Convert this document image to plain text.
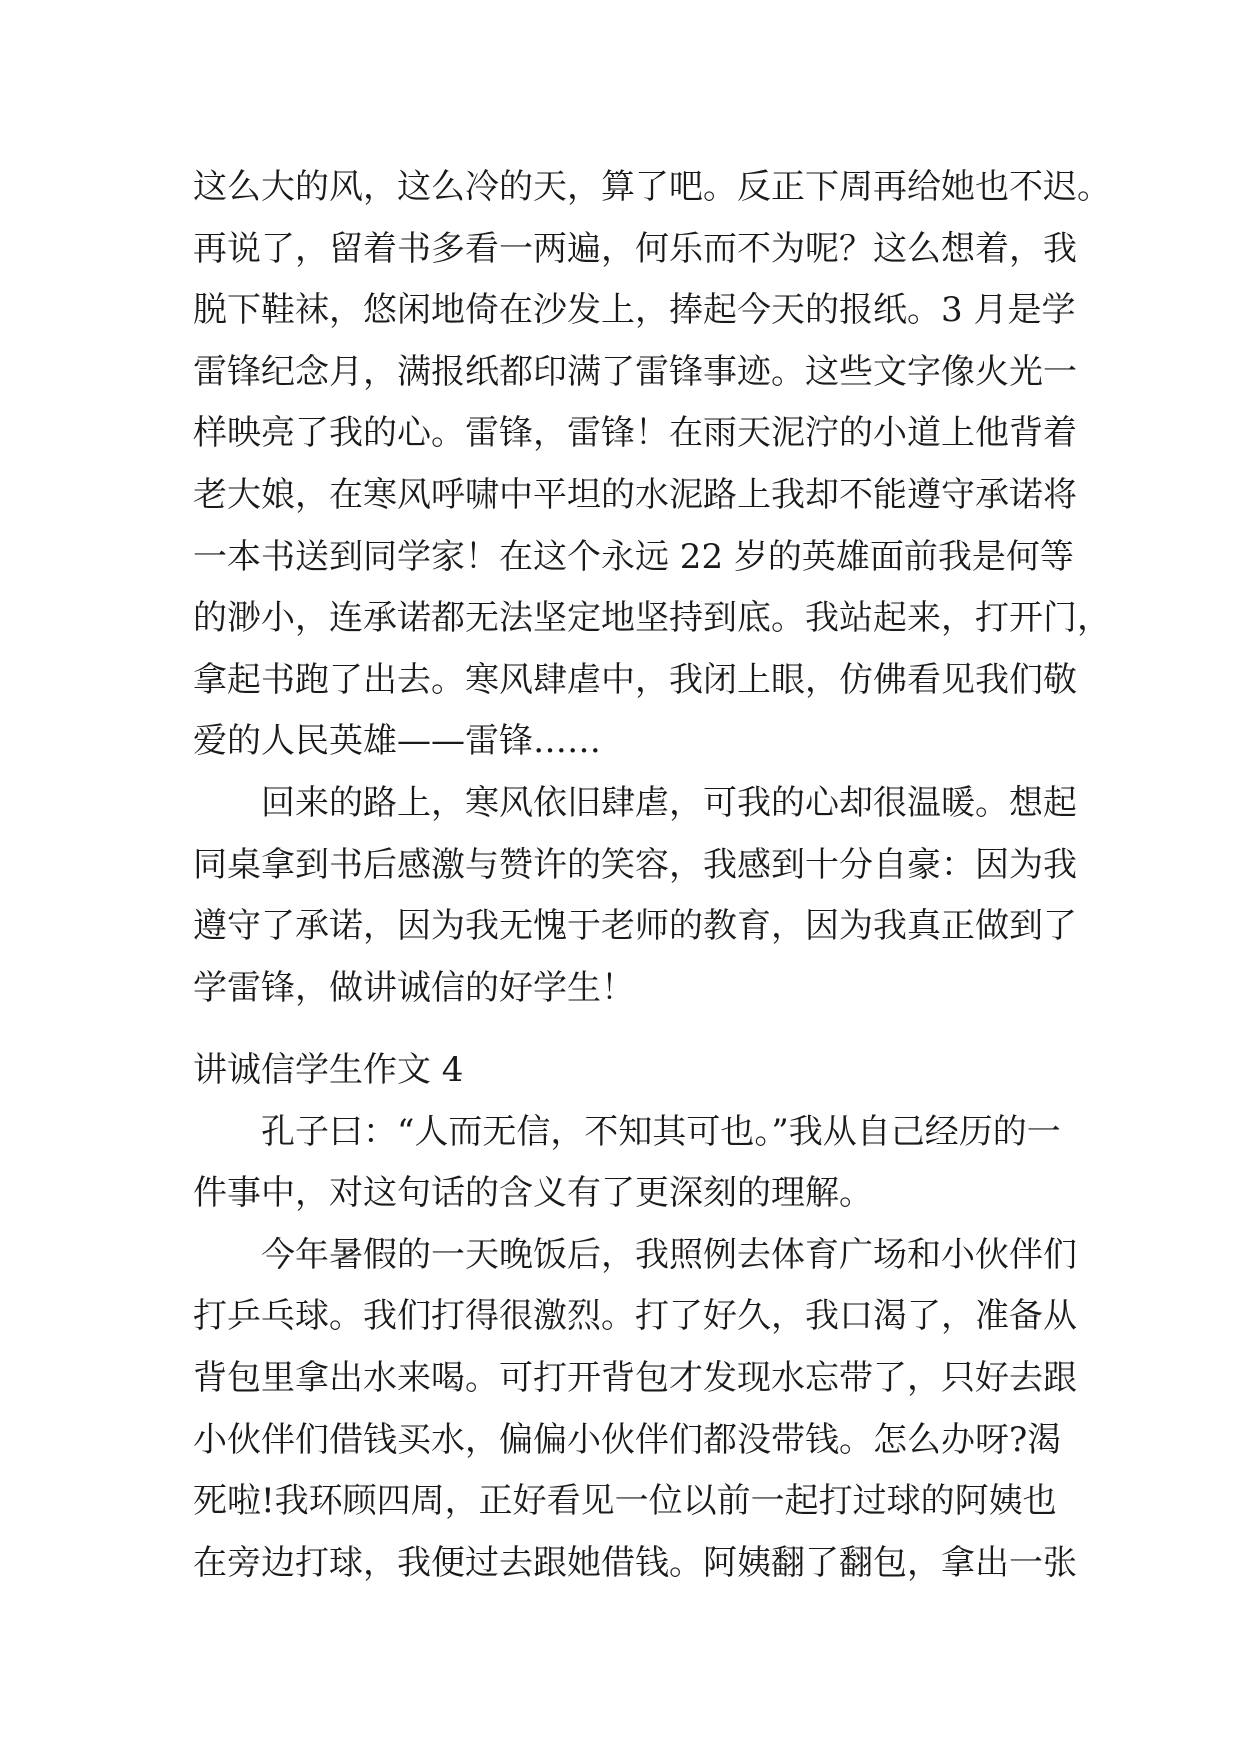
这么大的风，这么冷的天，算了吧。反正下周再给她也不迟。
再说了，留着书多看一两遍，何乐而不为呢？这么想着，我
脱下鞋袜，悠闲地倚在沙发上，捧起今天的报纸。3 月是学
雷锋纪念月，满报纸都印满了雷锋事迹。这些文字像火光一
样映亮了我的心。雷锋，雷锋！在雨天泥泞的小道上他背着
老大娘，在寒风呼啸中平坦的水泥路上我却不能遵守承诺将
一本书送到同学家！在这个永远 22 岁的英雄面前我是何等
的渺小，连承诺都无法坚定地坚持到底。我站起来，打开门，
拿起书跑了出去。寒风肆虐中，我闭上眼，仿佛看见我们敬
爱的人民英雄——雷锋……
回来的路上，寒风依旧肆虐，可我的心却很温暖。想起
同桌拿到书后感激与赞许的笑容，我感到十分自豪：因为我
遵守了承诺，因为我无愧于老师的教育，因为我真正做到了
学雷锋，做讲诚信的好学生！
讲诚信学生作文 4
孔子曰：“人而无信，不知其可也。”我从自己经历的一
件事中，对这句话的含义有了更深刻的理解。
今年暑假的一天晚饭后，我照例去体育广场和小伙伴们
打乒乓球。我们打得很激烈。打了好久，我口渴了，准备从
背包里拿出水来喝。可打开背包才发现水忘带了，只好去跟
小伙伴们借钱买水，偏偏小伙伴们都没带钱。怎么办呀?渴
死啦!我环顾四周，正好看见一位以前一起打过球的阿姨也
在旁边打球，我便过去跟她借钱。阿姨翻了翻包，拿出一张
